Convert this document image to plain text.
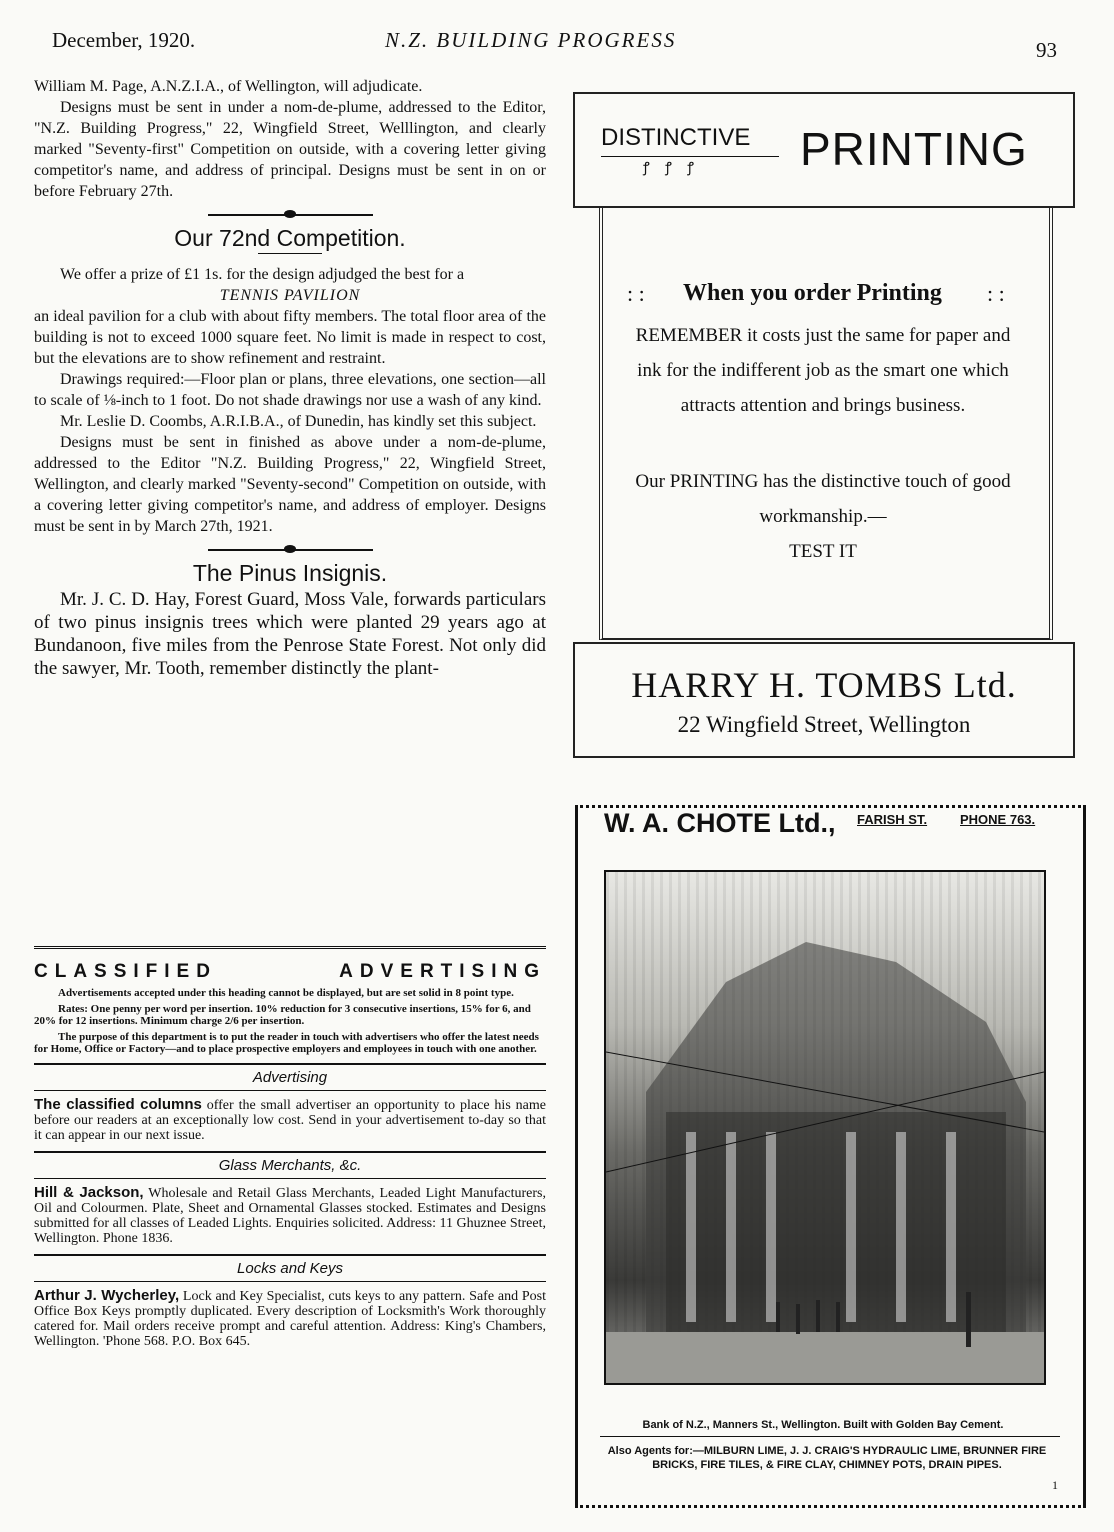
December, 1920.	N.Z. BUILDING PROGRESS	93

William M. Page, A.N.Z.I.A., of Wellington, will adjudicate.

Designs must be sent in under a nom-de-plume, addressed to the Editor, "N.Z. Building Progress," 22, Wingfield Street, Welllington, and clearly marked "Seventy-first" Competition on outside, with a covering letter giving competitor's name, and address of principal. Designs must be sent in on or before February 27th.

Our 72nd Competition.

We offer a prize of £1 1s. for the design adjudged the best for a

TENNIS PAVILION

an ideal pavilion for a club with about fifty members. The total floor area of the building is not to exceed 1000 square feet. No limit is made in respect to cost, but the elevations are to show refinement and restraint.

Drawings required:—Floor plan or plans, three elevations, one section—all to scale of ⅛-inch to 1 foot. Do not shade drawings nor use a wash of any kind.

Mr. Leslie D. Coombs, A.R.I.B.A., of Dunedin, has kindly set this subject.

Designs must be sent in finished as above under a nom-de-plume, addressed to the Editor "N.Z. Building Progress," 22, Wingfield Street, Wellington, and clearly marked "Seventy-second" Competition on outside, with a covering letter giving competitor's name, and address of employer. Designs must be sent in by March 27th, 1921.

The Pinus Insignis.

Mr. J. C. D. Hay, Forest Guard, Moss Vale, forwards particulars of two pinus insignis trees which were planted 29 years ago at Bundanoon, five miles from the Penrose State Forest. Not only did the sawyer, Mr. Tooth, remember distinctly the plant-

CLASSIFIED ADVERTISING

Advertisements accepted under this heading cannot be displayed, but are set solid in 8 point type.

Rates: One penny per word per insertion. 10% reduction for 3 consecutive insertions, 15% for 6, and 20% for 12 insertions. Minimum charge 2/6 per insertion.

The purpose of this department is to put the reader in touch with advertisers who offer the latest needs for Home, Office or Factory—and to place prospective employers and employees in touch with one another.

Advertising

The classified columns offer the small advertiser an opportunity to place his name before our readers at an exceptionally low cost. Send in your advertisement to-day so that it can appear in our next issue.

Glass Merchants, &c.

Hill & Jackson, Wholesale and Retail Glass Merchants, Leaded Light Manufacturers, Oil and Colourmen. Plate, Sheet and Ornamental Glasses stocked. Estimates and Designs submitted for all classes of Leaded Lights. Enquiries solicited. Address: 11 Ghuznee Street, Wellington. Phone 1836.

Locks and Keys

Arthur J. Wycherley, Lock and Key Specialist, cuts keys to any pattern. Safe and Post Office Box Keys promptly duplicated. Every description of Locksmith's Work thoroughly catered for. Mail orders receive prompt and careful attention. Address: King's Chambers, Wellington. 'Phone 568. P.O. Box 645.

DISTINCTIVE
ꝭ ꝭ ꝭ PRINTING
: : When you order Printing : :
REMEMBER it costs just the same for paper and ink for the indifferent job as the smart one which attracts attention and brings business.
Our PRINTING has the distinctive touch of good workmanship.—
TEST IT
HARRY H. TOMBS Ltd.
22 Wingfield Street, Wellington
W. A. CHOTE Ltd., FARISH ST.	PHONE 763.
Bank of N.Z., Manners St., Wellington. Built with Golden Bay Cement.
Also Agents for:—MILBURN LIME, J. J. CRAIG'S HYDRAULIC LIME, BRUNNER FIRE BRICKS, FIRE TILES, & FIRE CLAY, CHIMNEY POTS, DRAIN PIPES.
1
